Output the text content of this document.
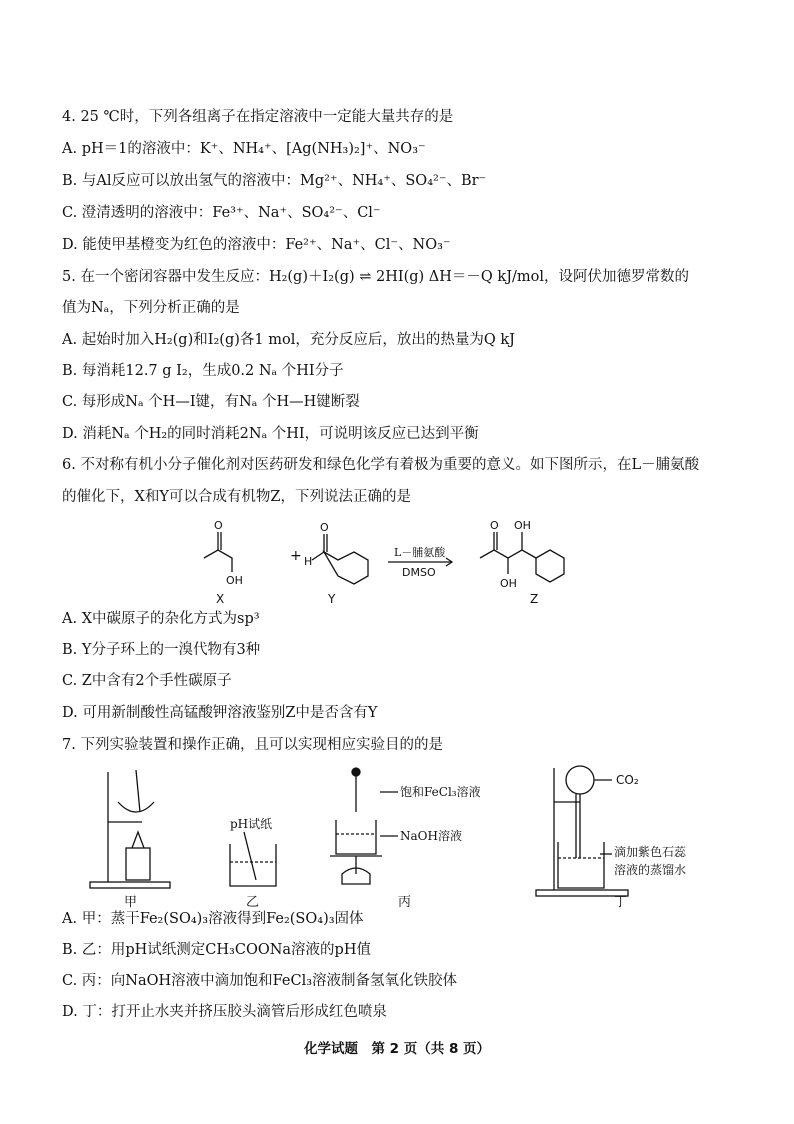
4. 25 ℃时，下列各组离子在指定溶液中一定能大量共存的是
A. pH＝1的溶液中：K⁺、NH₄⁺、[Ag(NH₃)₂]⁺、NO₃⁻
B. 与Al反应可以放出氢气的溶液中：Mg²⁺、NH₄⁺、SO₄²⁻、Br⁻
C. 澄清透明的溶液中：Fe³⁺、Na⁺、SO₄²⁻、Cl⁻
D. 能使甲基橙变为红色的溶液中：Fe²⁺、Na⁺、Cl⁻、NO₃⁻
5. 在一个密闭容器中发生反应：H₂(g)＋I₂(g) ⇌ 2HI(g) ΔH＝－Q kJ/mol，设阿伏加德罗常数的
值为Nₐ，下列分析正确的是
A. 起始时加入H₂(g)和I₂(g)各1 mol，充分反应后，放出的热量为Q kJ
B. 每消耗12.7 g I₂，生成0.2 Nₐ 个HI分子
C. 每形成Nₐ 个H—I键，有Nₐ 个H—H键断裂
D. 消耗Nₐ 个H₂的同时消耗2Nₐ 个HI，可说明该反应已达到平衡
6. 不对称有机小分子催化剂对医药研发和绿色化学有着极为重要的意义。如下图所示，在L－脯氨酸
的催化下，X和Y可以合成有机物Z，下列说法正确的是
O
OH
+ H
O	O OH
OH
L－脯氨酸
DMSO
X	Y	Z
A. X中碳原子的杂化方式为sp³
B. Y分子环上的一溴代物有3种
C. Z中含有2个手性碳原子
D. 可用新制酸性高锰酸钾溶液鉴别Z中是否含有Y
7. 下列实验装置和操作正确，且可以实现相应实验目的的是
pH试纸
饱和FeCl₃溶液
NaOH溶液
CO₂
滴加紫色石蕊
溶液的蒸馏水
甲	乙	丙	丁
A. 甲：蒸干Fe₂(SO₄)₃溶液得到Fe₂(SO₄)₃固体
B. 乙：用pH试纸测定CH₃COONa溶液的pH值
C. 丙：向NaOH溶液中滴加饱和FeCl₃溶液制备氢氧化铁胶体
D. 丁：打开止水夹并挤压胶头滴管后形成红色喷泉
化学试题　第 2 页（共 8 页）
